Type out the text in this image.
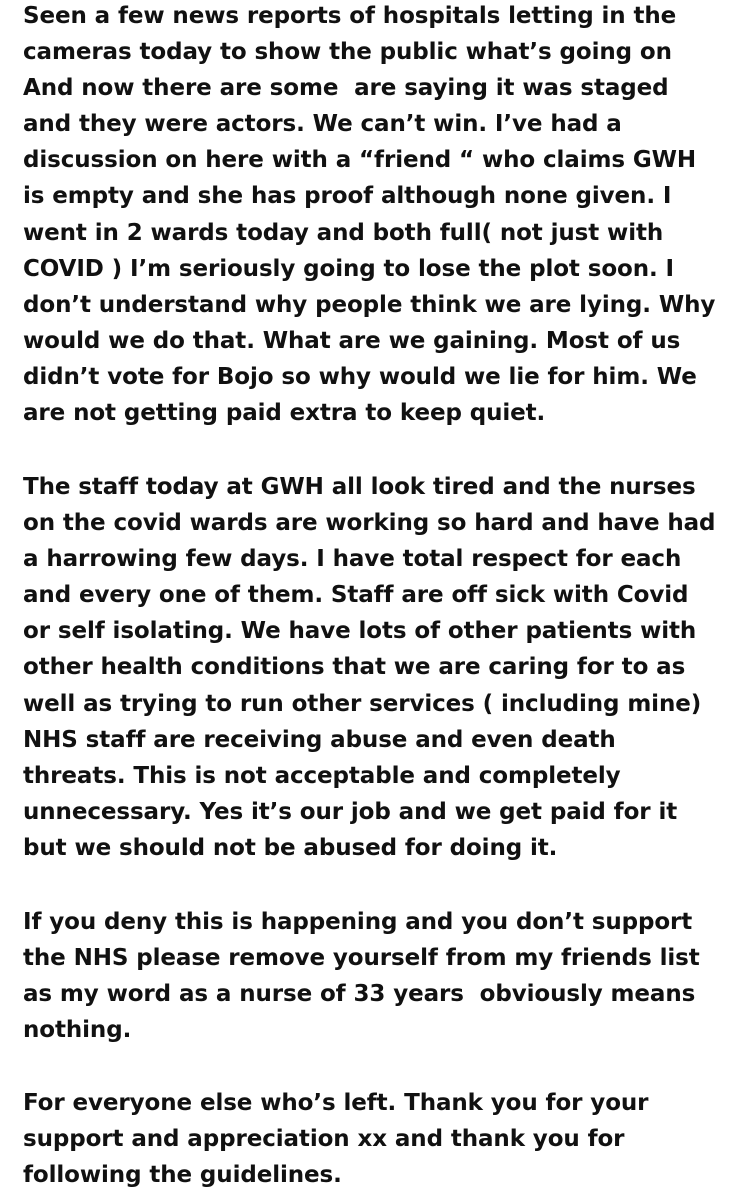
Seen a few news reports of hospitals letting in the
cameras today to show the public what’s going on
And now there are some  are saying it was staged
and they were actors. We can’t win. I’ve had a
discussion on here with a “friend “ who claims GWH
is empty and she has proof although none given. I
went in 2 wards today and both full( not just with
COVID ) I’m seriously going to lose the plot soon. I
don’t understand why people think we are lying. Why
would we do that. What are we gaining. Most of us
didn’t vote for Bojo so why would we lie for him. We
are not getting paid extra to keep quiet.
The staff today at GWH all look tired and the nurses
on the covid wards are working so hard and have had
a harrowing few days. I have total respect for each
and every one of them. Staff are off sick with Covid
or self isolating. We have lots of other patients with
other health conditions that we are caring for to as
well as trying to run other services ( including mine)
NHS staff are receiving abuse and even death
threats. This is not acceptable and completely
unnecessary. Yes it’s our job and we get paid for it
but we should not be abused for doing it.
If you deny this is happening and you don’t support
the NHS please remove yourself from my friends list
as my word as a nurse of 33 years  obviously means
nothing.
For everyone else who’s left. Thank you for your
support and appreciation xx and thank you for
following the guidelines.
